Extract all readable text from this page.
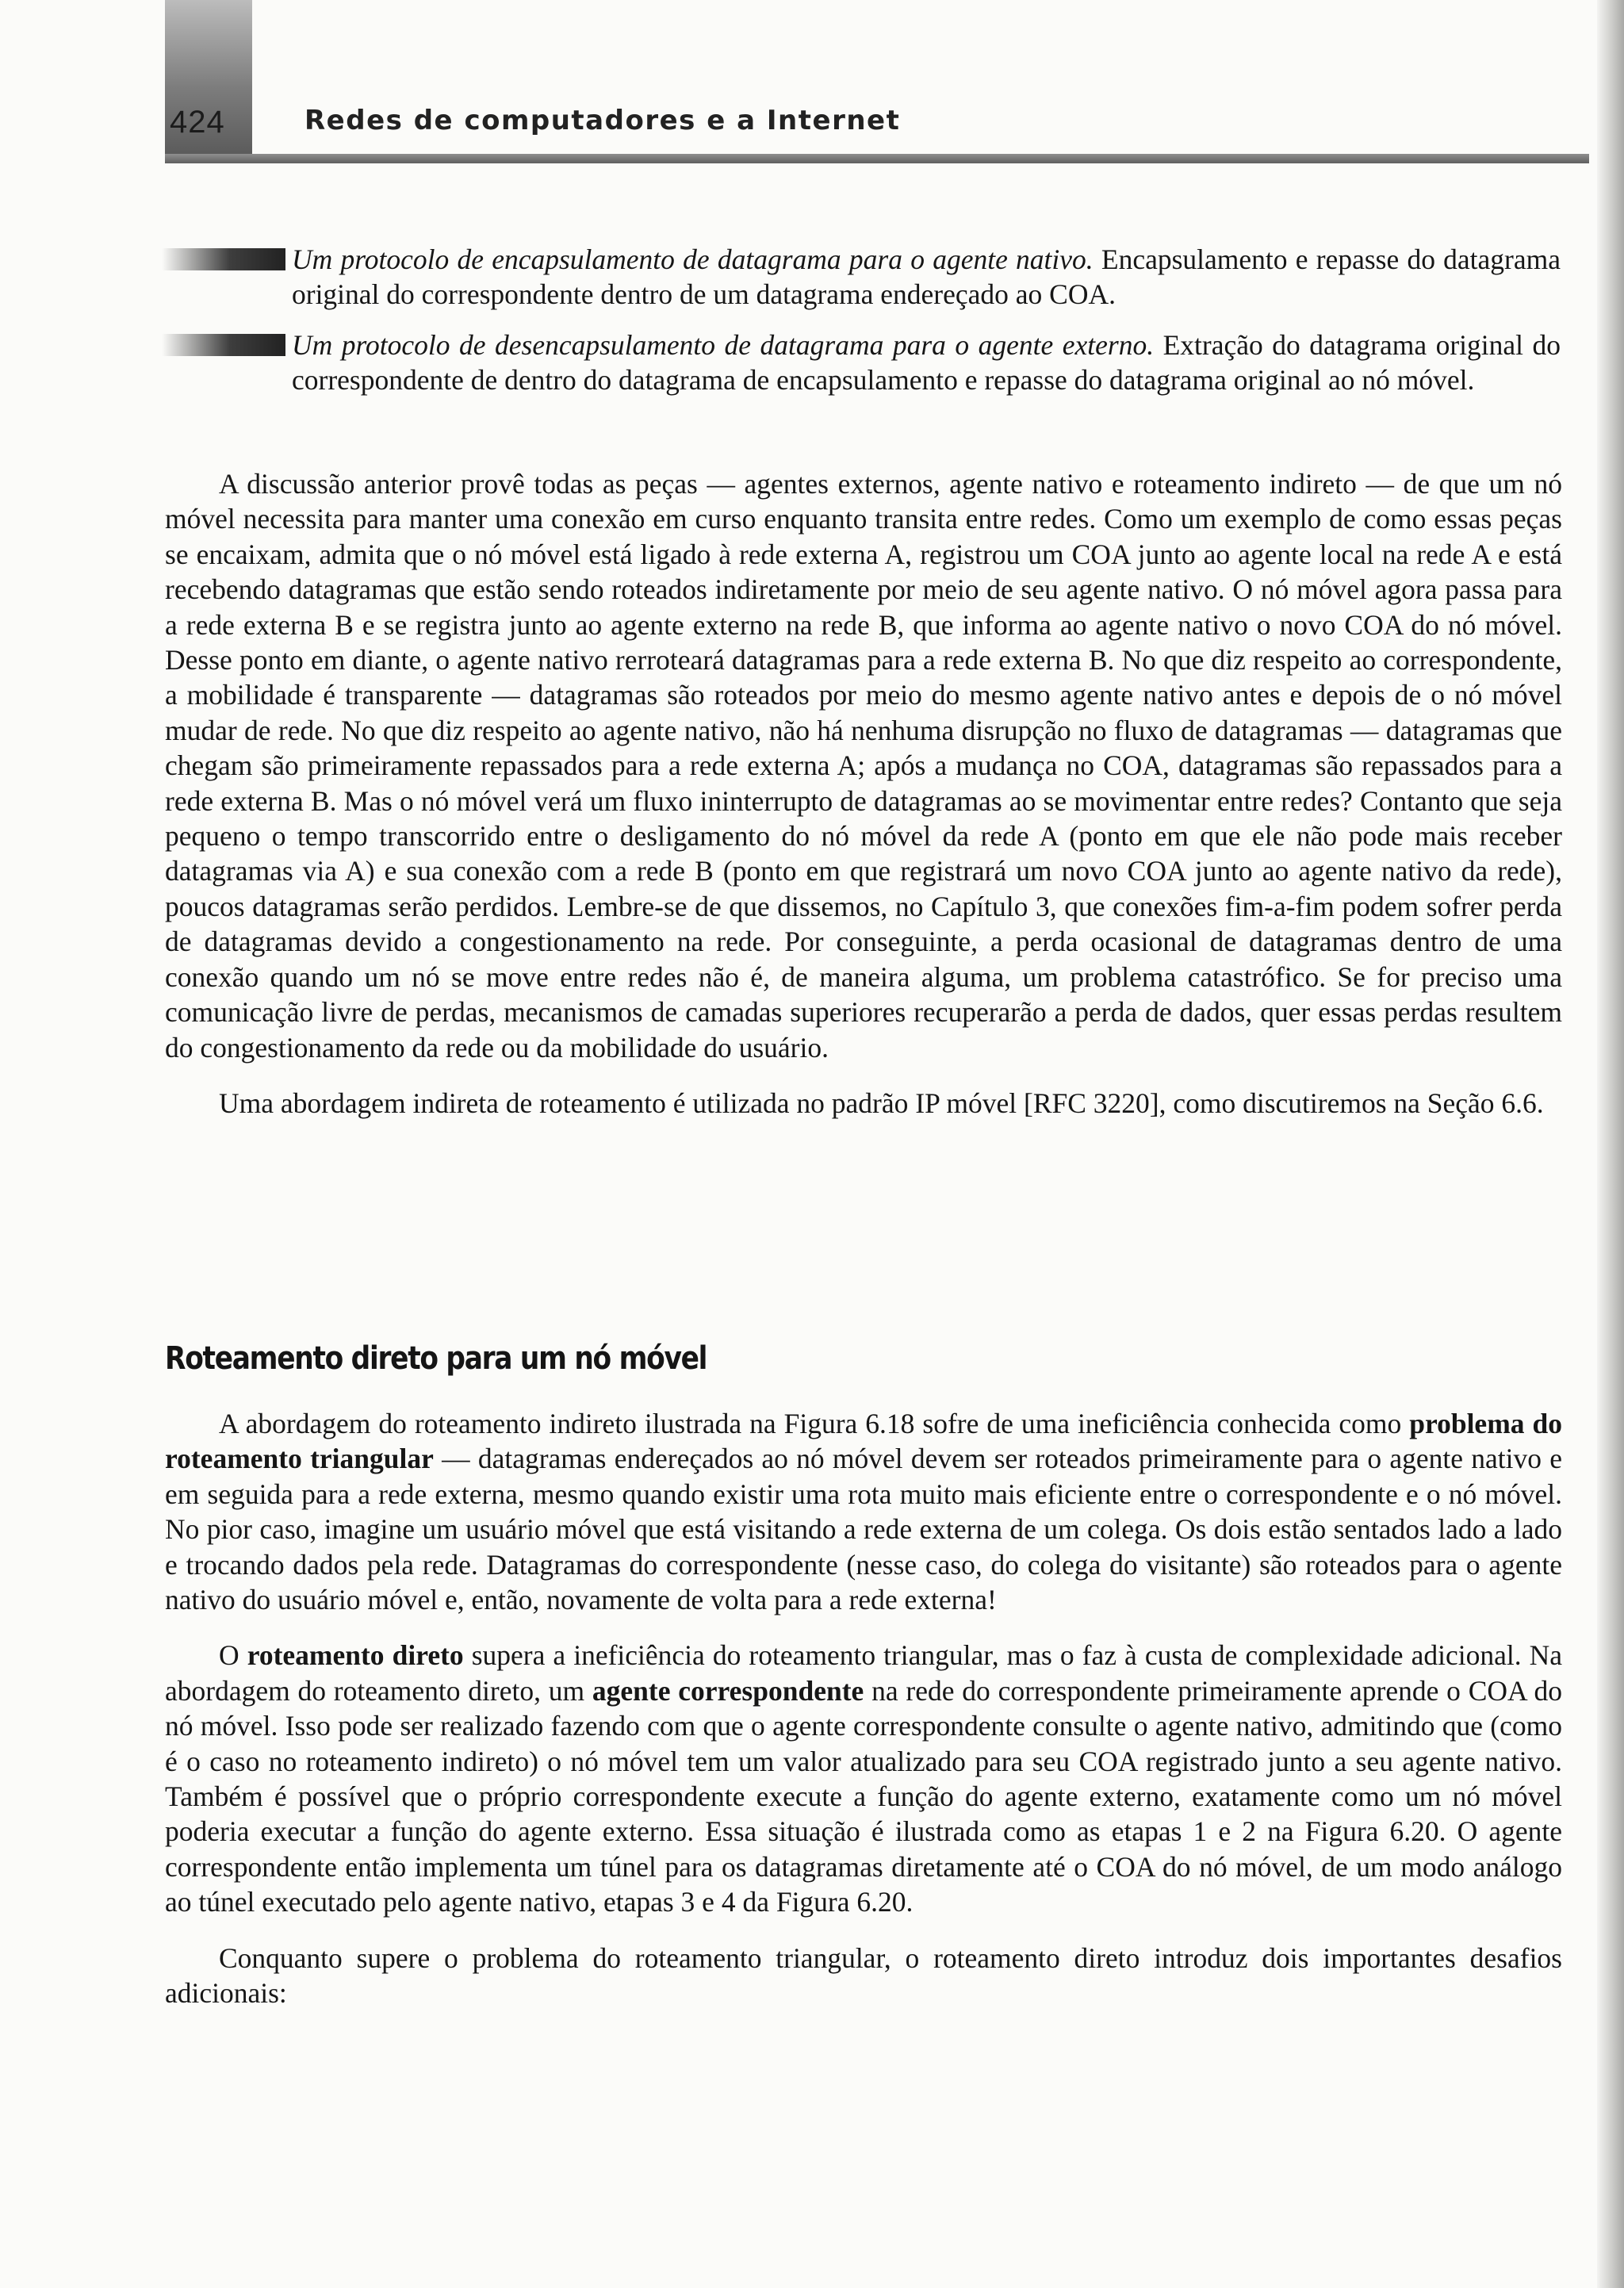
424	Redes de computadores e a Internet
Um protocolo de encapsulamento de datagrama para o agente nativo. Encapsulamento e repasse do datagrama original do correspondente dentro de um datagrama endereçado ao COA.
Um protocolo de desencapsulamento de datagrama para o agente externo. Extração do datagrama original do correspondente de dentro do datagrama de encapsulamento e repasse do datagrama original ao nó móvel.

A discussão anterior provê todas as peças — agentes externos, agente nativo e roteamento indireto — de que um nó móvel necessita para manter uma conexão em curso enquanto transita entre redes. Como um exemplo de como essas peças se encaixam, admita que o nó móvel está ligado à rede externa A, registrou um COA junto ao agente local na rede A e está recebendo datagramas que estão sendo roteados indiretamente por meio de seu agente nativo. O nó móvel agora passa para a rede externa B e se registra junto ao agente externo na rede B, que informa ao agente nativo o novo COA do nó móvel. Desse ponto em diante, o agente nativo rerroteará datagramas para a rede externa B. No que diz respeito ao correspondente, a mobilidade é transparente — datagramas são roteados por meio do mesmo agente nativo antes e depois de o nó móvel mudar de rede. No que diz respeito ao agente nativo, não há nenhuma disrupção no fluxo de datagramas — datagramas que chegam são primeiramente repassados para a rede externa A; após a mudança no COA, datagramas são repassados para a rede externa B. Mas o nó móvel verá um fluxo ininterrupto de datagramas ao se movimentar entre redes? Contanto que seja pequeno o tempo transcorrido entre o desligamento do nó móvel da rede A (ponto em que ele não pode mais receber datagramas via A) e sua conexão com a rede B (ponto em que registrará um novo COA junto ao agente nativo da rede), poucos datagramas serão perdidos. Lembre-se de que dissemos, no Capítulo 3, que conexões fim-a-fim podem sofrer perda de datagramas devido a congestionamento na rede. Por conseguinte, a perda ocasional de datagramas dentro de uma conexão quando um nó se move entre redes não é, de maneira alguma, um problema catastrófico. Se for preciso uma comunicação livre de perdas, mecanismos de camadas superiores recuperarão a perda de dados, quer essas perdas resultem do congestionamento da rede ou da mobilidade do usuário.

Uma abordagem indireta de roteamento é utilizada no padrão IP móvel [RFC 3220], como discutiremos na Seção 6.6.

Roteamento direto para um nó móvel

A abordagem do roteamento indireto ilustrada na Figura 6.18 sofre de uma ineficiência conhecida como problema do roteamento triangular — datagramas endereçados ao nó móvel devem ser roteados primeiramente para o agente nativo e em seguida para a rede externa, mesmo quando existir uma rota muito mais eficiente entre o correspondente e o nó móvel. No pior caso, imagine um usuário móvel que está visitando a rede externa de um colega. Os dois estão sentados lado a lado e trocando dados pela rede. Datagramas do correspondente (nesse caso, do colega do visitante) são roteados para o agente nativo do usuário móvel e, então, novamente de volta para a rede externa!

O roteamento direto supera a ineficiência do roteamento triangular, mas o faz à custa de complexidade adicional. Na abordagem do roteamento direto, um agente correspondente na rede do correspondente primeiramente aprende o COA do nó móvel. Isso pode ser realizado fazendo com que o agente correspondente consulte o agente nativo, admitindo que (como é o caso no roteamento indireto) o nó móvel tem um valor atualizado para seu COA registrado junto a seu agente nativo. Também é possível que o próprio correspondente execute a função do agente externo, exatamente como um nó móvel poderia executar a função do agente externo. Essa situação é ilustrada como as etapas 1 e 2 na Figura 6.20. O agente correspondente então implementa um túnel para os datagramas diretamente até o COA do nó móvel, de um modo análogo ao túnel executado pelo agente nativo, etapas 3 e 4 da Figura 6.20.

Conquanto supere o problema do roteamento triangular, o roteamento direto introduz dois importantes desafios adicionais:
